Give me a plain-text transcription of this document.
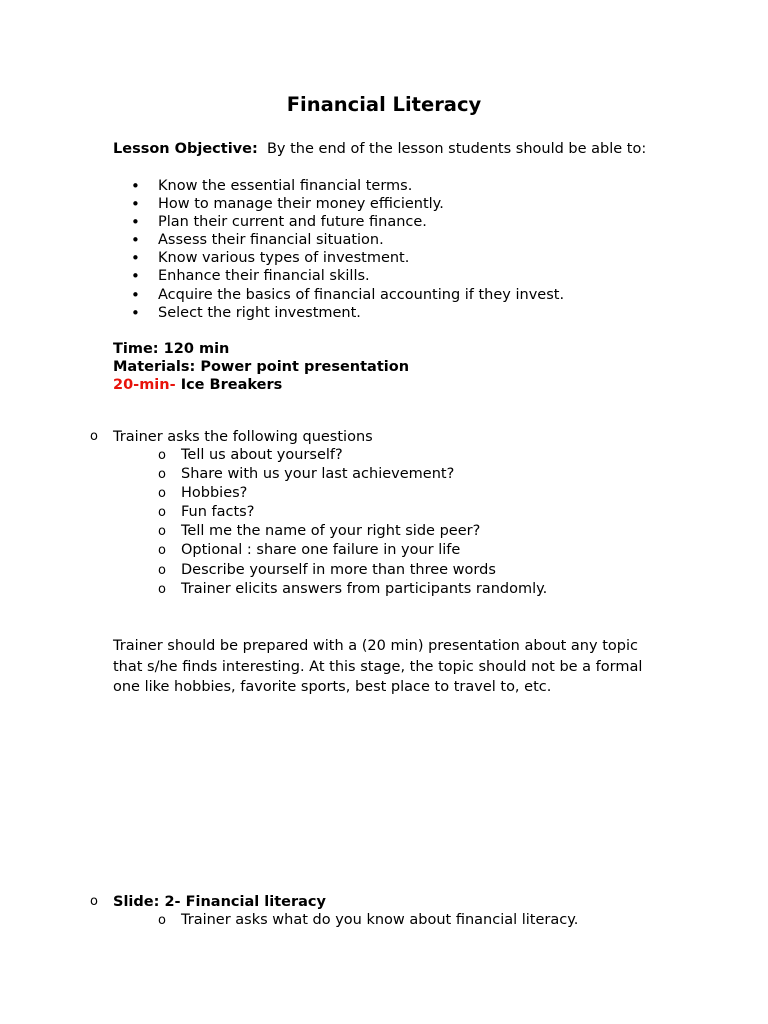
Financial Literacy
Lesson Objective: By the end of the lesson students should be able to:
• Know the essential financial terms.
• How to manage their money efficiently.
• Plan their current and future finance.
• Assess their financial situation.
• Know various types of investment.
• Enhance their financial skills.
• Acquire the basics of financial accounting if they invest.
• Select the right investment.
Time: 120 min
Materials: Power point presentation
20-min- Ice Breakers
o Trainer asks the following questions
o Tell us about yourself?
o Share with us your last achievement?
o Hobbies?
o Fun facts?
o Tell me the name of your right side peer?
o Optional : share one failure in your life
o Describe yourself in more than three words
o Trainer elicits answers from participants randomly.
Trainer should be prepared with a (20 min) presentation about any topic that s/he finds interesting. At this stage, the topic should not be a formal one like hobbies, favorite sports, best place to travel to, etc.
o Slide: 2- Financial literacy
o Trainer asks what do you know about financial literacy.
